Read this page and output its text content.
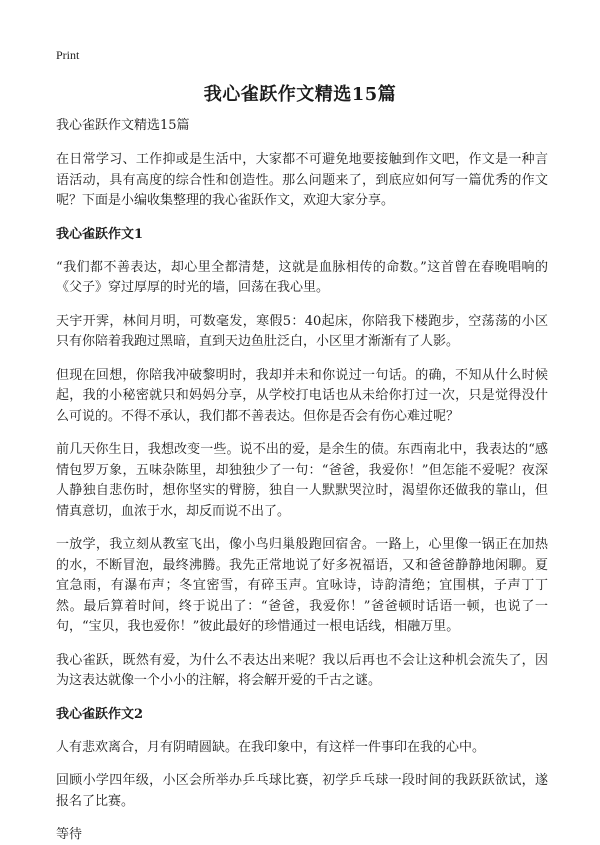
Print
我心雀跃作文精选15篇
我心雀跃作文精选15篇

在日常学习、工作抑或是生活中，大家都不可避免地要接触到作文吧，作文是一种言语活动，具有高度的综合性和创造性。那么问题来了，到底应如何写一篇优秀的作文呢？下面是小编收集整理的我心雀跃作文，欢迎大家分享。

我心雀跃作文1

“我们都不善表达，却心里全都清楚，这就是血脉相传的命数。”这首曾在春晚唱响的《父子》穿过厚厚的时光的墙，回荡在我心里。

天宇开霁，林间月明，可数毫发，寒假5：40起床，你陪我下楼跑步，空荡荡的小区只有你陪着我跑过黑暗，直到天边鱼肚泛白，小区里才渐渐有了人影。

但现在回想，你陪我冲破黎明时，我却并未和你说过一句话。的确，不知从什么时候起，我的小秘密就只和妈妈分享，从学校打电话也从未给你打过一次，只是觉得没什么可说的。不得不承认，我们都不善表达。但你是否会有伤心难过呢？

前几天你生日，我想改变一些。说不出的爱，是余生的债。东西南北中，我表达的“感情包罗万象，五味杂陈里，却独独少了一句：“爸爸，我爱你！”但怎能不爱呢？夜深人静独自悲伤时，想你坚实的臂膀，独自一人默默哭泣时，渴望你还做我的靠山，但情真意切，血浓于水，却反而说不出了。

一放学，我立刻从教室飞出，像小鸟归巢般跑回宿舍。一路上，心里像一锅正在加热的水，不断冒泡，最终沸腾。我先正常地说了好多祝福语，又和爸爸静静地闲聊。夏宜急雨，有瀑布声；冬宜密雪，有碎玉声。宜咏诗，诗韵清绝；宜围棋，子声丁丁然。最后算着时间，终于说出了：“爸爸，我爱你！”爸爸顿时话语一顿，也说了一句，“宝贝，我也爱你！”彼此最好的珍惜通过一根电话线，相融万里。

我心雀跃，既然有爱，为什么不表达出来呢？我以后再也不会让这种机会流失了，因为这表达就像一个小小的注解，将会解开爱的千古之谜。

我心雀跃作文2

人有悲欢离合，月有阴晴圆缺。在我印象中，有这样一件事印在我的心中。

回顾小学四年级，小区会所举办乒乓球比赛，初学乒乓球一段时间的我跃跃欲试，遂报名了比赛。

等待
